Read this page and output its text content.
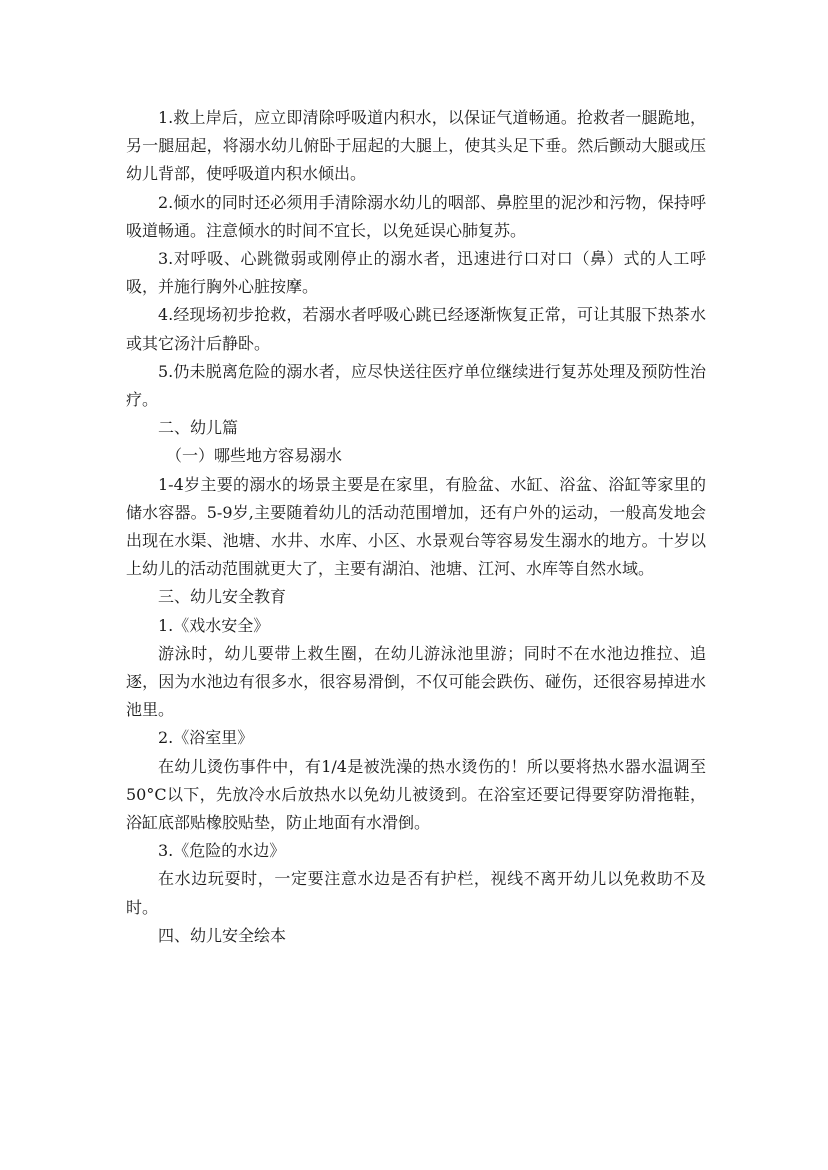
1.救上岸后，应立即清除呼吸道内积水，以保证气道畅通。抢救者一腿跪地，另一腿屈起，将溺水幼儿俯卧于屈起的大腿上，使其头足下垂。然后颤动大腿或压幼儿背部，使呼吸道内积水倾出。

2.倾水的同时还必须用手清除溺水幼儿的咽部、鼻腔里的泥沙和污物，保持呼吸道畅通。注意倾水的时间不宜长，以免延误心肺复苏。

3.对呼吸、心跳微弱或刚停止的溺水者，迅速进行口对口（鼻）式的人工呼吸，并施行胸外心脏按摩。

4.经现场初步抢救，若溺水者呼吸心跳已经逐渐恢复正常，可让其服下热茶水或其它汤汁后静卧。

5.仍未脱离危险的溺水者，应尽快送往医疗单位继续进行复苏处理及预防性治疗。

二、幼儿篇

（一）哪些地方容易溺水

1-4岁主要的溺水的场景主要是在家里，有脸盆、水缸、浴盆、浴缸等家里的储水容器。5-9岁,主要随着幼儿的活动范围增加，还有户外的运动，一般高发地会出现在水渠、池塘、水井、水库、小区、水景观台等容易发生溺水的地方。十岁以上幼儿的活动范围就更大了，主要有湖泊、池塘、江河、水库等自然水域。

三、幼儿安全教育

1.《戏水安全》

游泳时，幼儿要带上救生圈，在幼儿游泳池里游；同时不在水池边推拉、追逐，因为水池边有很多水，很容易滑倒，不仅可能会跌伤、碰伤，还很容易掉进水池里。

2.《浴室里》

在幼儿烫伤事件中，有1/4是被洗澡的热水烫伤的！所以要将热水器水温调至50°C以下，先放冷水后放热水以免幼儿被烫到。在浴室还要记得要穿防滑拖鞋，浴缸底部贴橡胶贴垫，防止地面有水滑倒。

3.《危险的水边》

在水边玩耍时，一定要注意水边是否有护栏，视线不离开幼儿以免救助不及时。

四、幼儿安全绘本
